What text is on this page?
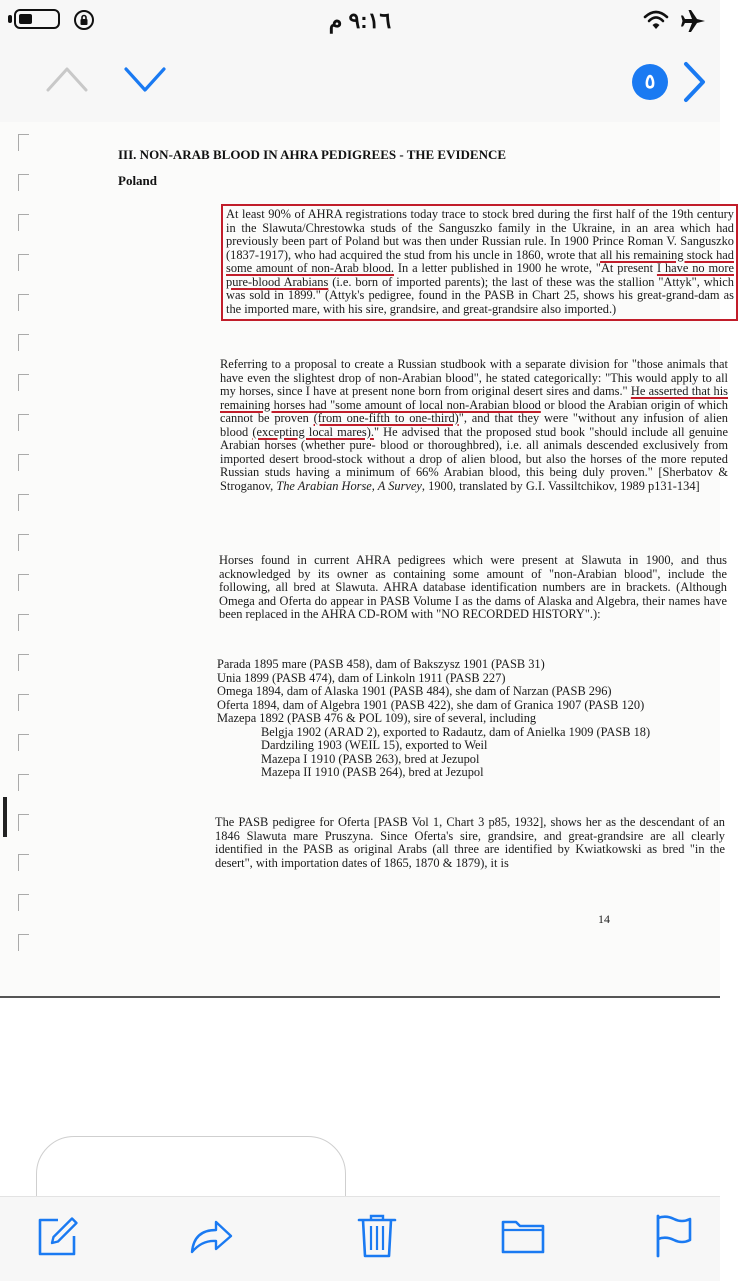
٩:١٦ م
٥
III. NON-ARAB BLOOD IN AHRA PEDIGREES - THE EVIDENCE
Poland

At least 90% of AHRA registrations today trace to stock bred during the first half of the 19th century in the Slawuta/Chrestowka studs of the Sanguszko family in the Ukraine, in an area which had previously been part of Poland but was then under Russian rule. In 1900 Prince Roman V. Sanguszko (1837-1917), who had acquired the stud from his uncle in 1860, wrote that all his remaining stock had some amount of non-Arab blood. In a letter published in 1900 he wrote, "At present I have no more pure-blood Arabians (i.e. born of imported parents); the last of these was the stallion "Attyk", which was sold in 1899." (Attyk's pedigree, found in the PASB in Chart 25, shows his great-grand-dam as the imported mare, with his sire, grandsire, and great-grandsire also imported.)

Referring to a proposal to create a Russian studbook with a separate division for "those animals that have even the slightest drop of non-Arabian blood", he stated categorically: "This would apply to all my horses, since I have at present none born from original desert sires and dams." He asserted that his remaining horses had "some amount of local non-Arabian blood or blood the Arabian origin of which cannot be proven (from one-fifth to one-third)", and that they were "without any infusion of alien blood (excepting local mares)." He advised that the proposed stud book "should include all genuine Arabian horses (whether pure- blood or thoroughbred), i.e. all animals descended exclusively from imported desert brood-stock without a drop of alien blood, but also the horses of the more reputed Russian studs having a minimum of 66% Arabian blood, this being duly proven." [Sherbatov & Stroganov, The Arabian Horse, A Survey, 1900, translated by G.I. Vassiltchikov, 1989 p131-134]

Horses found in current AHRA pedigrees which were present at Slawuta in 1900, and thus acknowledged by its owner as containing some amount of "non-Arabian blood", include the following, all bred at Slawuta. AHRA database identification numbers are in brackets. (Although Omega and Oferta do appear in PASB Volume I as the dams of Alaska and Algebra, their names have been replaced in the AHRA CD-ROM with "NO RECORDED HISTORY".):

Parada 1895 mare (PASB 458), dam of Bakszysz 1901 (PASB 31)
Unia 1899 (PASB 474), dam of Linkoln 1911 (PASB 227)
Omega 1894, dam of Alaska 1901 (PASB 484), she dam of Narzan (PASB 296)
Oferta 1894, dam of Algebra 1901 (PASB 422), she dam of Granica 1907 (PASB 120)
Mazepa 1892 (PASB 476 & POL 109), sire of several, including
Belgja 1902 (ARAD 2), exported to Radautz, dam of Anielka 1909 (PASB 18)
Dardziling 1903 (WEIL 15), exported to Weil
Mazepa I 1910 (PASB 263), bred at Jezupol
Mazepa II 1910 (PASB 264), bred at Jezupol

The PASB pedigree for Oferta [PASB Vol 1, Chart 3 p85, 1932], shows her as the descendant of an 1846 Slawuta mare Pruszyna. Since Oferta's sire, grandsire, and great-grandsire are all clearly identified in the PASB as original Arabs (all three are identified by Kwiatkowski as bred "in the desert", with importation dates of 1865, 1870 & 1879), it is

14
